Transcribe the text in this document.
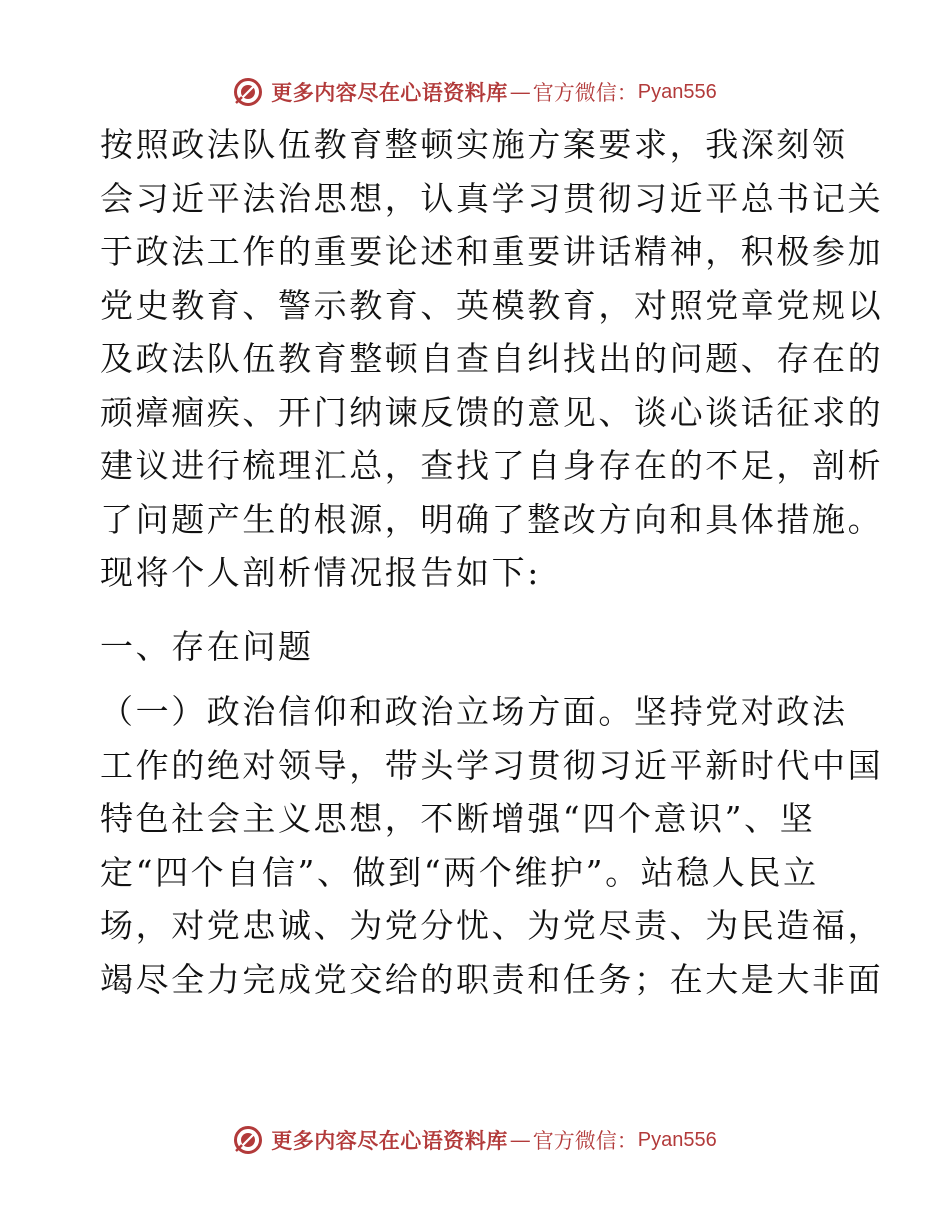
更多内容尽在心语资料库 — 官方微信： Pyan556
按照政法队伍教育整顿实施方案要求，我深刻领
会习近平法治思想，认真学习贯彻习近平总书记关
于政法工作的重要论述和重要讲话精神，积极参加
党史教育、警示教育、英模教育，对照党章党规以
及政法队伍教育整顿自查自纠找出的问题、存在的
顽瘴痼疾、开门纳谏反馈的意见、谈心谈话征求的
建议进行梳理汇总，查找了自身存在的不足，剖析
了问题产生的根源，明确了整改方向和具体措施。
现将个人剖析情况报告如下:
一、存在问题
（一）政治信仰和政治立场方面。坚持党对政法
工作的绝对领导，带头学习贯彻习近平新时代中国
特色社会主义思想，不断增强“四个意识”、坚
定“四个自信”、做到“两个维护”。站稳人民立
场，对党忠诚、为党分忧、为党尽责、为民造福，
竭尽全力完成党交给的职责和任务；在大是大非面
更多内容尽在心语资料库 — 官方微信： Pyan556
